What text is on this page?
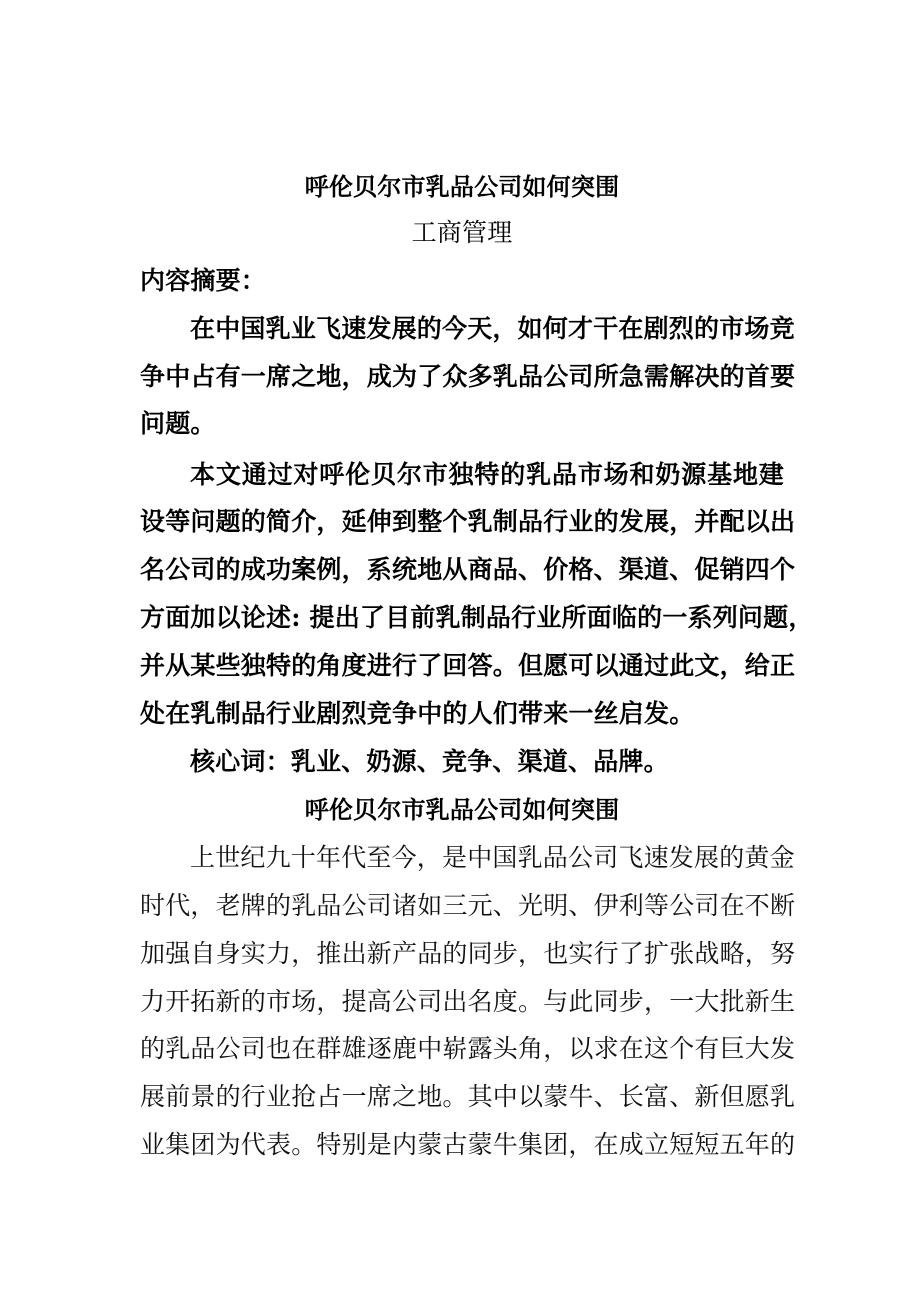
呼伦贝尔市乳品公司如何突围
工商管理
内容摘要：
在中国乳业飞速发展的今天，如何才干在剧烈的市场竞
争中占有一席之地，成为了众多乳品公司所急需解决的首要
问题。
本文通过对呼伦贝尔市独特的乳品市场和奶源基地建
设等问题的简介，延伸到整个乳制品行业的发展，并配以出
名公司的成功案例，系统地从商品、价格、渠道、促销四个
方面加以论述: 提出了目前乳制品行业所面临的一系列问题，
并从某些独特的角度进行了回答。但愿可以通过此文，给正
处在乳制品行业剧烈竞争中的人们带来一丝启发。
核心词：乳业、奶源、竞争、渠道、品牌。
呼伦贝尔市乳品公司如何突围
上世纪九十年代至今，是中国乳品公司飞速发展的黄金
时代，老牌的乳品公司诸如三元、光明、伊利等公司在不断
加强自身实力，推出新产品的同步，也实行了扩张战略，努
力开拓新的市场，提高公司出名度。与此同步，一大批新生
的乳品公司也在群雄逐鹿中崭露头角，以求在这个有巨大发
展前景的行业抢占一席之地。其中以蒙牛、长富、新但愿乳
业集团为代表。特别是内蒙古蒙牛集团，在成立短短五年的
